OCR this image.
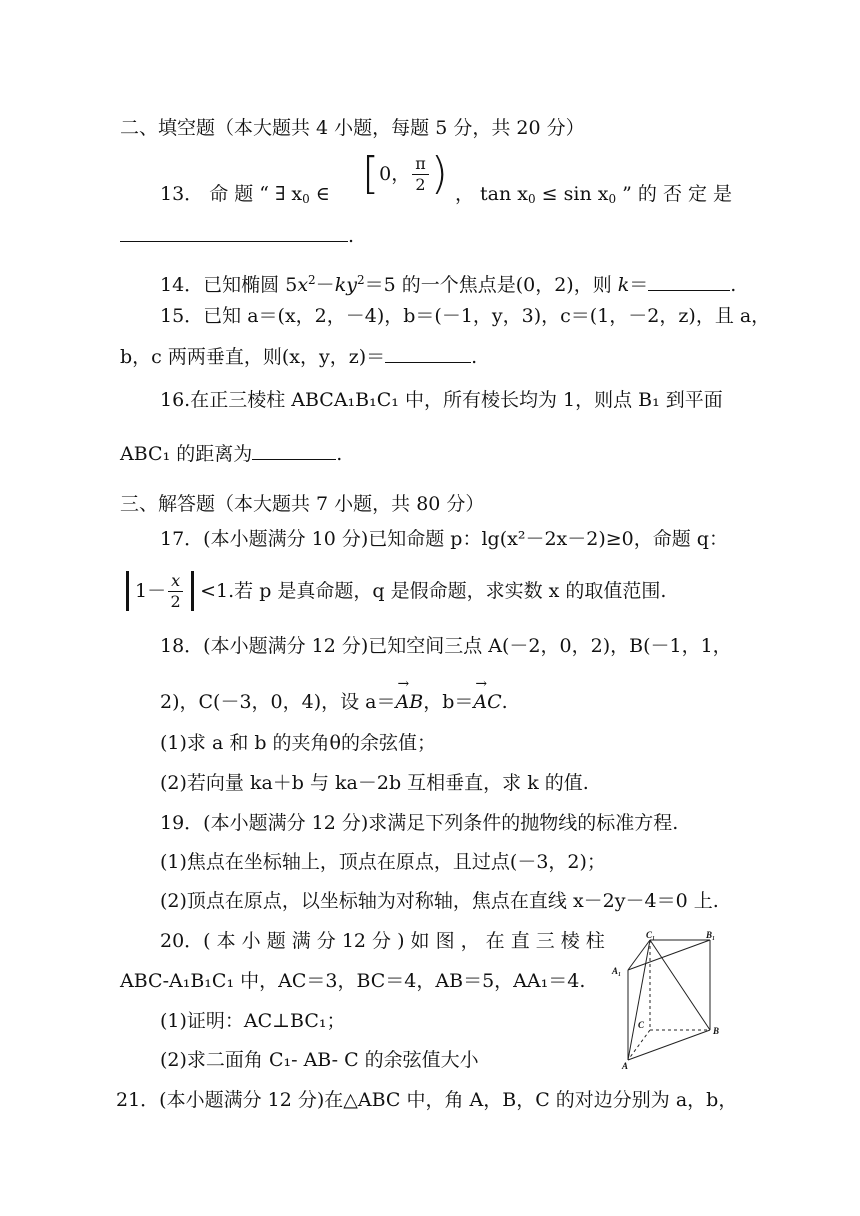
二、填空题（本大题共 4 小题，每题 5 分，共 20 分）
13． 命 题 “ ∃ $x_0$ ∈ [0， $\frac{\pi}{2}$ ) ， $\tan x_0 \le \sin x_0$ ” 的 否 定 是
.
14．已知椭圆 $5x^2-ky^2=5$ 的一个焦点是(0，2)，则 k＝	.
15．已知 a＝(x，2，－4)，b＝(－1，y，3)，c＝(1，－2，z)，且 a，
b，c 两两垂直，则(x，y，z)＝	.
16.在正三棱柱 ABCA₁B₁C₁ 中，所有棱长均为 1，则点 B₁ 到平面
ABC₁ 的距离为	.
三、解答题（本大题共 7 小题，共 80 分）
17．(本小题满分 10 分)已知命题 p：lg(x²－2x－2)≥0，命题 q：
$1- \frac{x}{2} <1$.若 p 是真命题，q 是假命题，求实数 x 的取值范围.
18．(本小题满分 12 分)已知空间三点 A(－2，0，2)，B(－1，1，
2)，C(－3，0，4)，设 a＝→ AB，b＝→ AC.
(1)求 a 和 b 的夹角θ的余弦值；
(2)若向量 ka＋b 与 ka－2b 互相垂直，求 k 的值.
19．(本小题满分 12 分)求满足下列条件的抛物线的标准方程.
(1)焦点在坐标轴上，顶点在原点，且过点(－3，2)；
(2)顶点在原点，以坐标轴为对称轴，焦点在直线 x－2y－4＝0 上.
20．( 本 小 题 满 分 12 分 ) 如 图 ， 在 直 三 棱 柱
ABC-A₁B₁C₁ 中，AC＝3，BC＝4，AB＝5，AA₁＝4.
(1)证明：AC⊥BC₁；
(2)求二面角 C₁- AB- C 的余弦值大小
C₁	B₁
A₁
C
B
A
21．(本小题满分 12 分)在△ABC 中，角 A，B，C 的对边分别为 a，b，
